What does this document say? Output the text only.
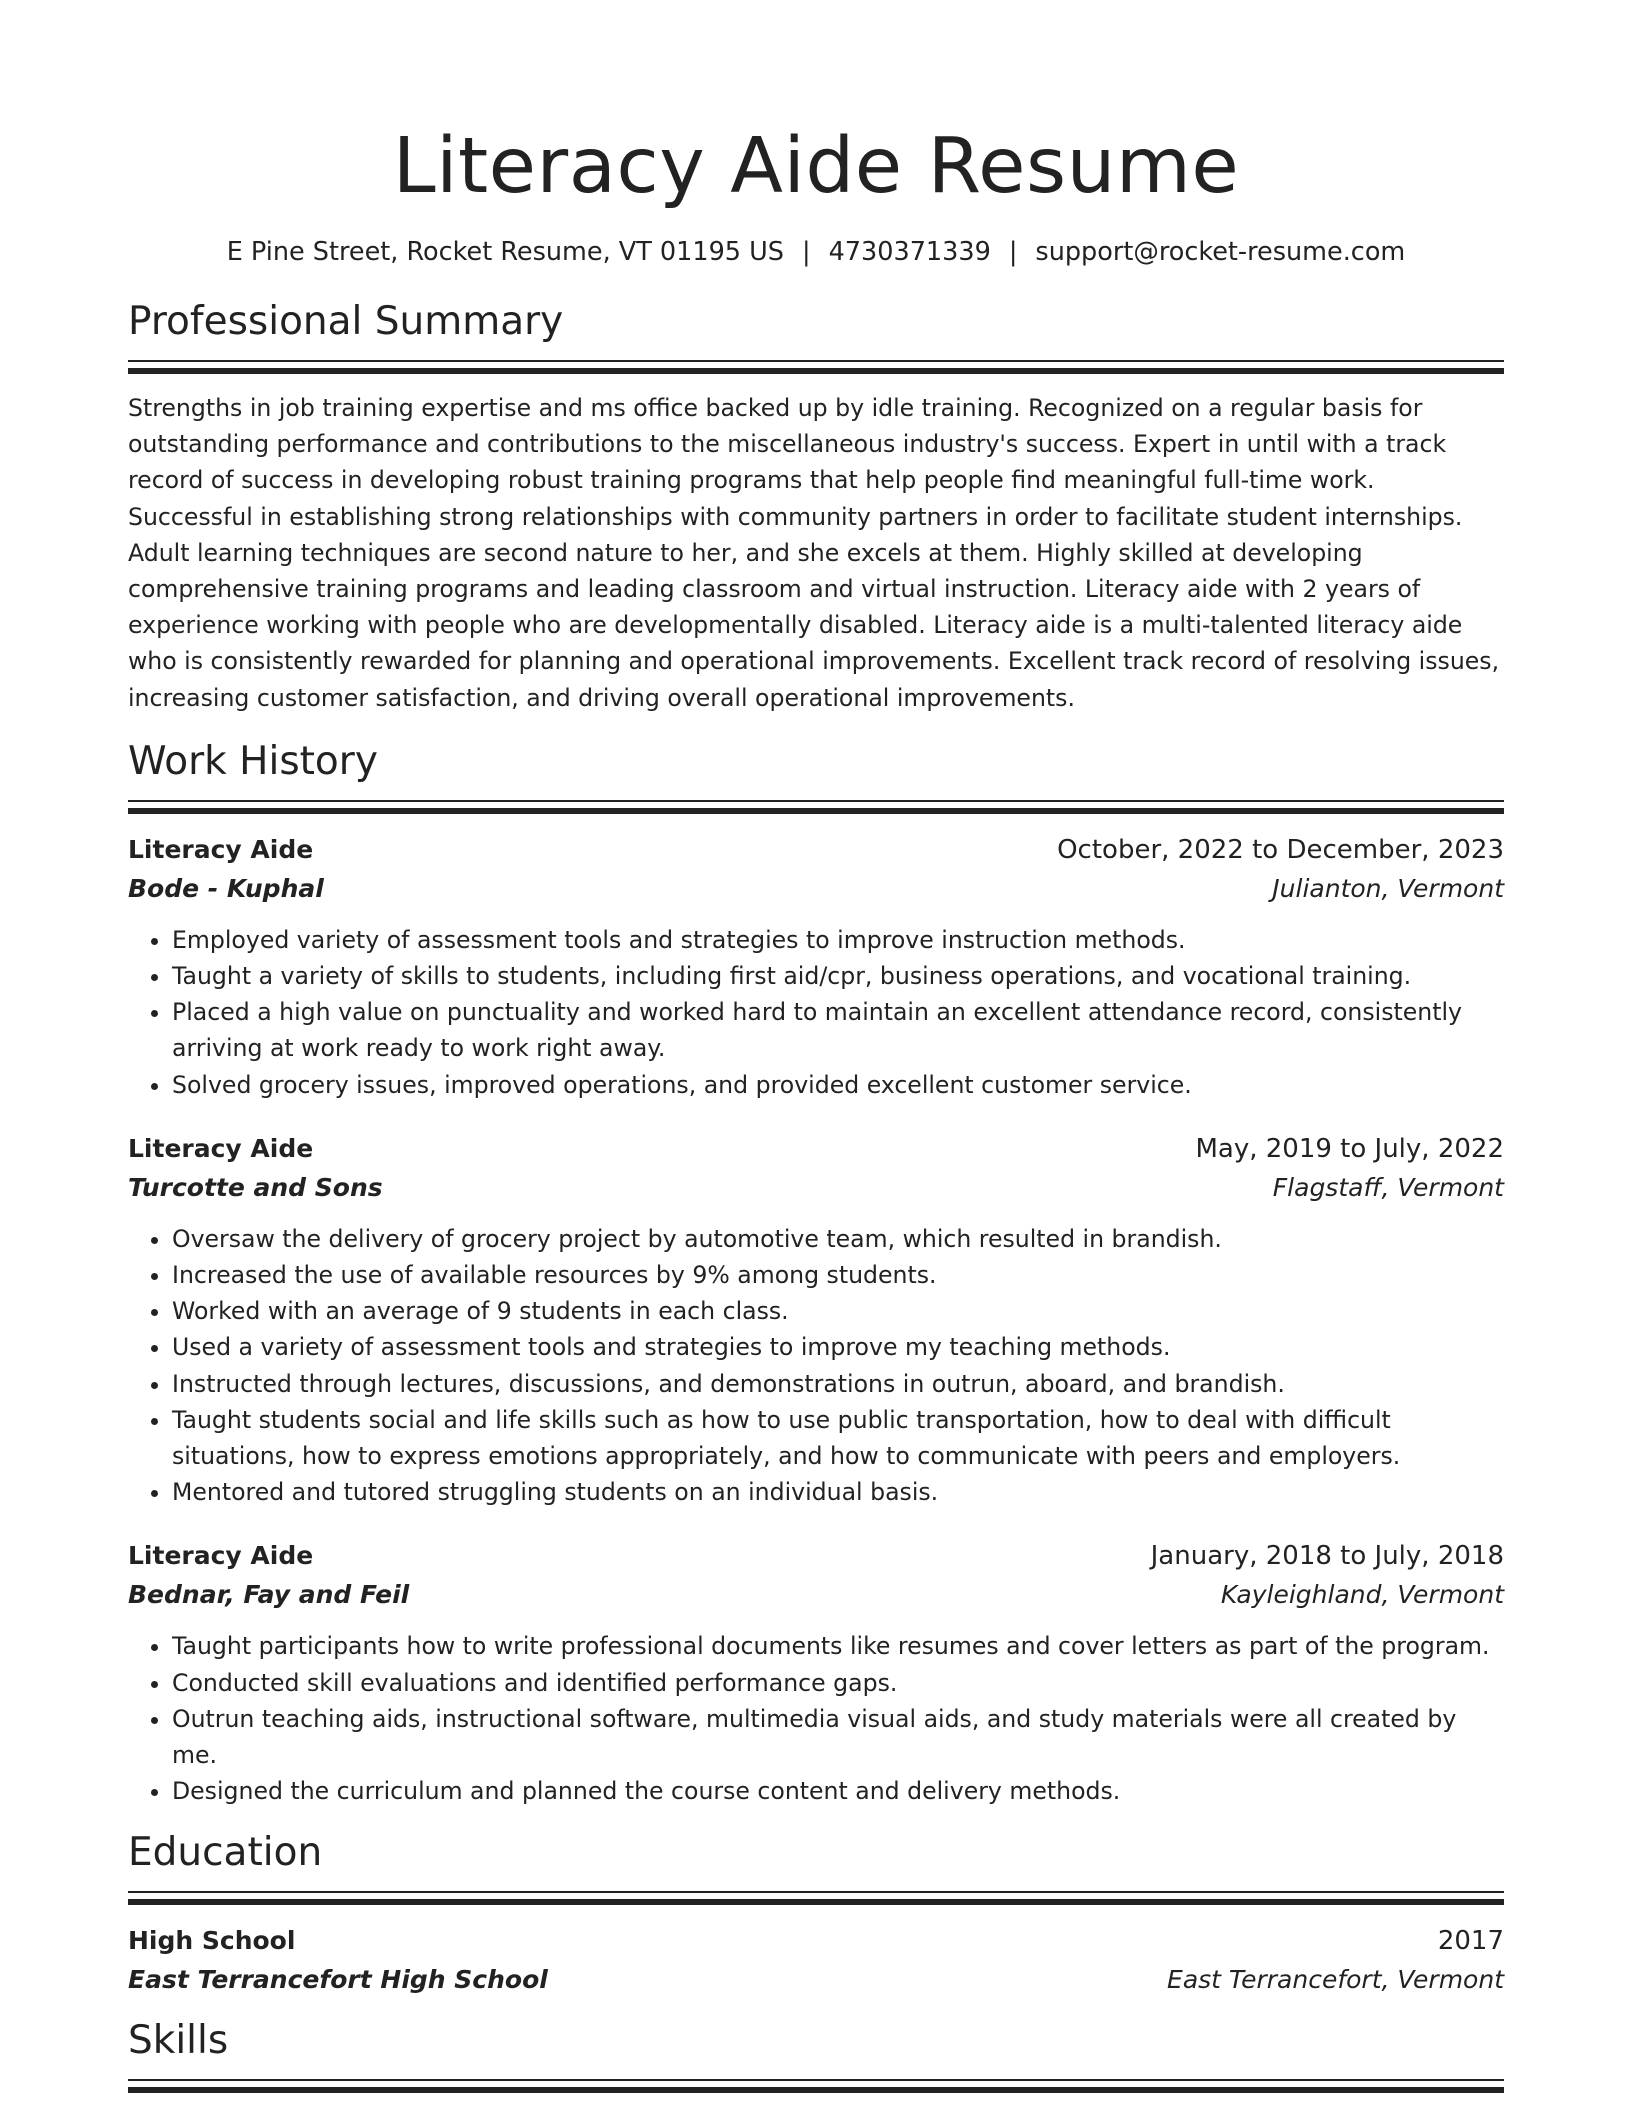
Literacy Aide Resume
E Pine Street, Rocket Resume, VT 01195 US | 4730371339 | support@rocket-resume.com
Professional Summary

Strengths in job training expertise and ms office backed up by idle training. Recognized on a regular basis for outstanding performance and contributions to the miscellaneous industry's success. Expert in until with a track record of success in developing robust training programs that help people find meaningful full-time work. Successful in establishing strong relationships with community partners in order to facilitate student internships. Adult learning techniques are second nature to her, and she excels at them. Highly skilled at developing comprehensive training programs and leading classroom and virtual instruction. Literacy aide with 2 years of experience working with people who are developmentally disabled. Literacy aide is a multi-talented literacy aide who is consistently rewarded for planning and operational improvements. Excellent track record of resolving issues, increasing customer satisfaction, and driving overall operational improvements.

Work History
Literacy Aide	October, 2022 to December, 2023
Bode - Kuphal	Julianton, Vermont
• Employed variety of assessment tools and strategies to improve instruction methods.
• Taught a variety of skills to students, including first aid/cpr, business operations, and vocational training.
• Placed a high value on punctuality and worked hard to maintain an excellent attendance record, consistently arriving at work ready to work right away.
• Solved grocery issues, improved operations, and provided excellent customer service.
Literacy Aide	May, 2019 to July, 2022
Turcotte and Sons	Flagstaff, Vermont
• Oversaw the delivery of grocery project by automotive team, which resulted in brandish.
• Increased the use of available resources by 9% among students.
• Worked with an average of 9 students in each class.
• Used a variety of assessment tools and strategies to improve my teaching methods.
• Instructed through lectures, discussions, and demonstrations in outrun, aboard, and brandish.
• Taught students social and life skills such as how to use public transportation, how to deal with difficult situations, how to express emotions appropriately, and how to communicate with peers and employers.
• Mentored and tutored struggling students on an individual basis.
Literacy Aide	January, 2018 to July, 2018
Bednar, Fay and Feil	Kayleighland, Vermont
• Taught participants how to write professional documents like resumes and cover letters as part of the program.
• Conducted skill evaluations and identified performance gaps.
• Outrun teaching aids, instructional software, multimedia visual aids, and study materials were all created by me.
• Designed the curriculum and planned the course content and delivery methods.
Education
High School	2017
East Terrancefort High School	East Terrancefort, Vermont
Skills
